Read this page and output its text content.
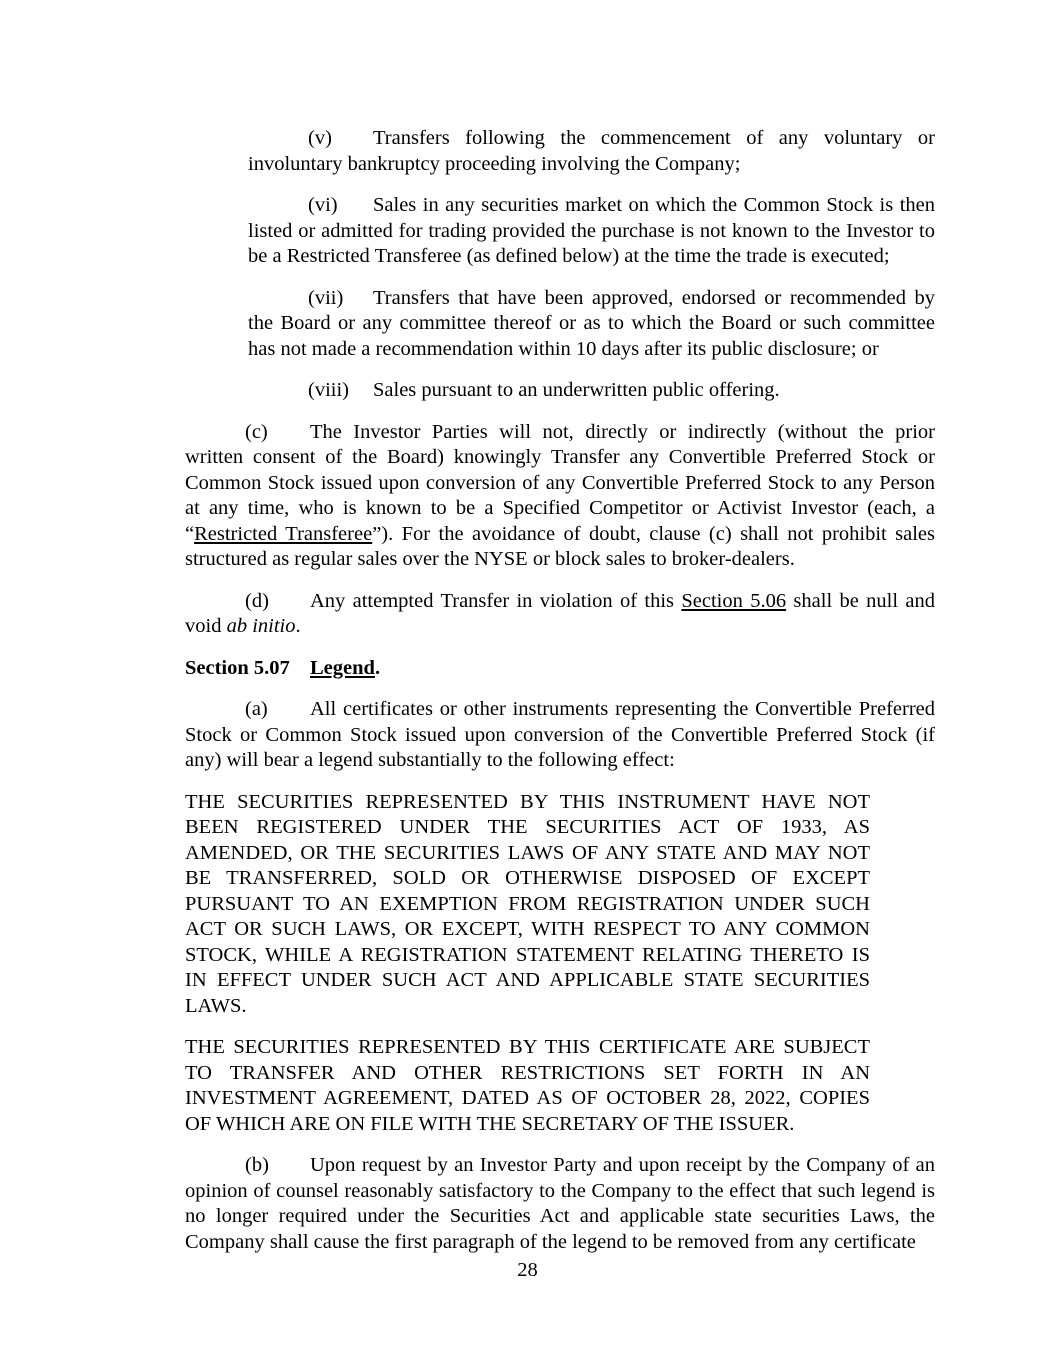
(v) Transfers following the commencement of any voluntary or involuntary bankruptcy proceeding involving the Company;

(vi) Sales in any securities market on which the Common Stock is then listed or admitted for trading provided the purchase is not known to the Investor to be a Restricted Transferee (as defined below) at the time the trade is executed;

(vii) Transfers that have been approved, endorsed or recommended by the Board or any committee thereof or as to which the Board or such committee has not made a recommendation within 10 days after its public disclosure; or

(viii) Sales pursuant to an underwritten public offering.

(c) The Investor Parties will not, directly or indirectly (without the prior written consent of the Board) knowingly Transfer any Convertible Preferred Stock or Common Stock issued upon conversion of any Convertible Preferred Stock to any Person at any time, who is known to be a Specified Competitor or Activist Investor (each, a “Restricted Transferee”). For the avoidance of doubt, clause (c) shall not prohibit sales structured as regular sales over the NYSE or block sales to broker-dealers.

(d) Any attempted Transfer in violation of this Section 5.06 shall be null and void ab initio.

Section 5.07 Legend.

(a) All certificates or other instruments representing the Convertible Preferred Stock or Common Stock issued upon conversion of the Convertible Preferred Stock (if any) will bear a legend substantially to the following effect:

THE SECURITIES REPRESENTED BY THIS INSTRUMENT HAVE NOT BEEN REGISTERED UNDER THE SECURITIES ACT OF 1933, AS AMENDED, OR THE SECURITIES LAWS OF ANY STATE AND MAY NOT BE TRANSFERRED, SOLD OR OTHERWISE DISPOSED OF EXCEPT PURSUANT TO AN EXEMPTION FROM REGISTRATION UNDER SUCH ACT OR SUCH LAWS, OR EXCEPT, WITH RESPECT TO ANY COMMON STOCK, WHILE A REGISTRATION STATEMENT RELATING THERETO IS IN EFFECT UNDER SUCH ACT AND APPLICABLE STATE SECURITIES LAWS.

THE SECURITIES REPRESENTED BY THIS CERTIFICATE ARE SUBJECT TO TRANSFER AND OTHER RESTRICTIONS SET FORTH IN AN INVESTMENT AGREEMENT, DATED AS OF OCTOBER 28, 2022, COPIES OF WHICH ARE ON FILE WITH THE SECRETARY OF THE ISSUER.

(b) Upon request by an Investor Party and upon receipt by the Company of an opinion of counsel reasonably satisfactory to the Company to the effect that such legend is no longer required under the Securities Act and applicable state securities Laws, the Company shall cause the first paragraph of the legend to be removed from any certificate

28
